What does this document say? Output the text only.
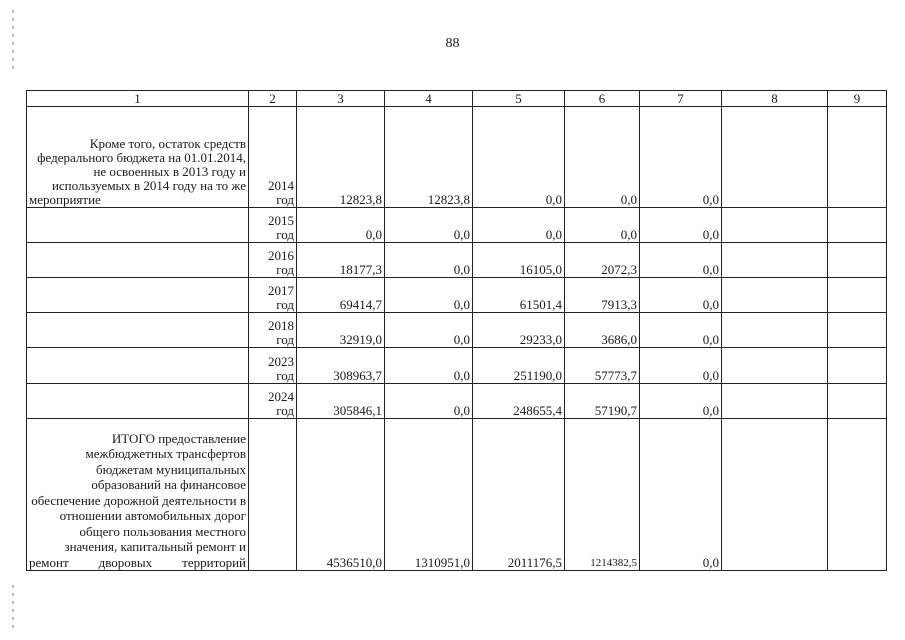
88
1	2	3	4	5	6	7	8	9
Кроме того, остаток средств федерального бюджета на 01.01.2014, не освоенных в 2013 году и используемых в 2014 году на то же мероприятие	2014 год	12823,8	12823,8	0,0	0,0	0,0		
	2015 год	0,0	0,0	0,0	0,0	0,0		
	2016 год	18177,3	0,0	16105,0	2072,3	0,0		
	2017 год	69414,7	0,0	61501,4	7913,3	0,0		
	2018 год	32919,0	0,0	29233,0	3686,0	0,0		
	2023 год	308963,7	0,0	251190,0	57773,7	0,0		
	2024 год	305846,1	0,0	248655,4	57190,7	0,0		
ИТОГО предоставление межбюджетных трансфертов бюджетам муниципальных образований на финансовое обеспечение дорожной деятельности в отношении автомобильных дорог общего пользования местного значения, капитальный ремонт и ремонт дворовых территорий		4536510,0	1310951,0	2011176,5	1214382,5	0,0		
